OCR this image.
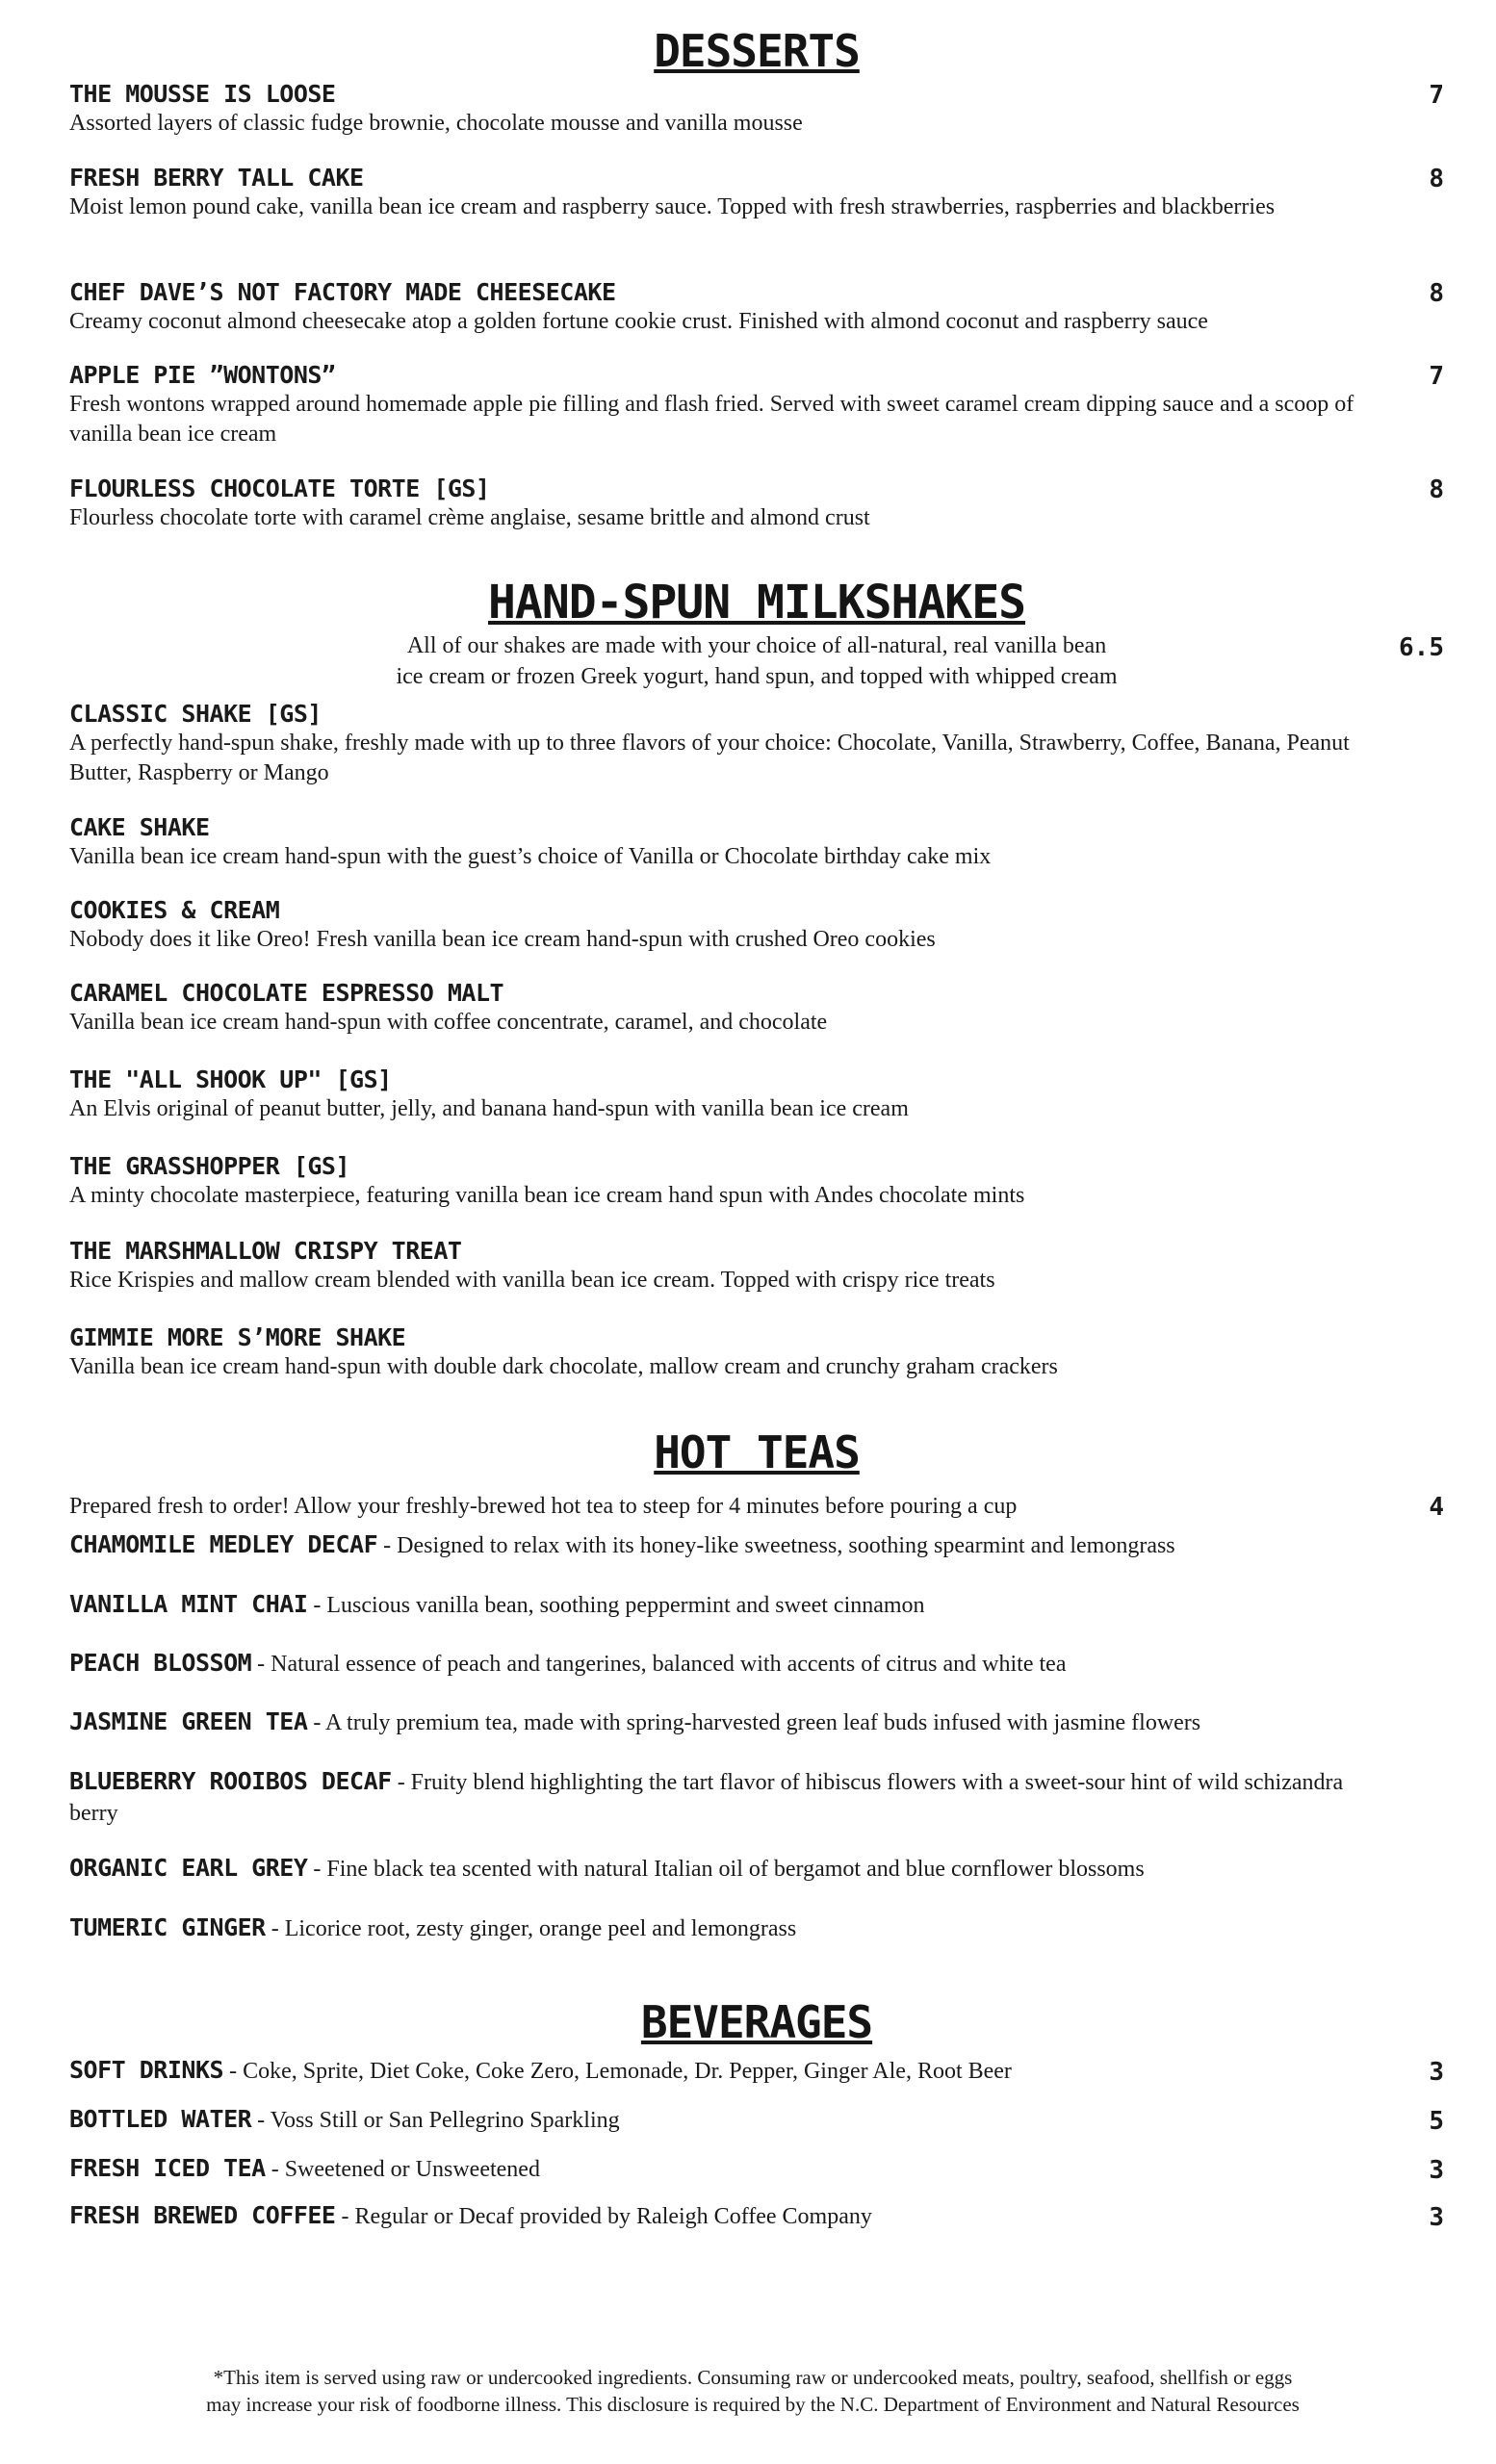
DESSERTS
THE MOUSSE IS LOOSE
Assorted layers of classic fudge brownie, chocolate mousse and vanilla mousse
7
FRESH BERRY TALL CAKE
Moist lemon pound cake, vanilla bean ice cream and raspberry sauce. Topped with fresh strawberries, raspberries and blackberries
8
CHEF DAVE’S NOT FACTORY MADE CHEESECAKE
Creamy coconut almond cheesecake atop a golden fortune cookie crust. Finished with almond coconut and raspberry sauce
8
APPLE PIE ”WONTONS”
Fresh wontons wrapped around homemade apple pie filling and flash fried. Served with sweet caramel cream dipping sauce and a scoop of vanilla bean ice cream
7
FLOURLESS CHOCOLATE TORTE [GS]
Flourless chocolate torte with caramel crème anglaise, sesame brittle and almond crust
8
HAND-SPUN MILKSHAKES
All of our shakes are made with your choice of all-natural, real vanilla bean
ice cream or frozen Greek yogurt, hand spun, and topped with whipped cream
6.5
CLASSIC SHAKE [GS]
A perfectly hand-spun shake, freshly made with up to three flavors of your choice: Chocolate, Vanilla, Strawberry, Coffee, Banana, Peanut Butter, Raspberry or Mango
CAKE SHAKE
Vanilla bean ice cream hand-spun with the guest’s choice of Vanilla or Chocolate birthday cake mix
COOKIES & CREAM
Nobody does it like Oreo! Fresh vanilla bean ice cream hand-spun with crushed Oreo cookies
CARAMEL CHOCOLATE ESPRESSO MALT
Vanilla bean ice cream hand-spun with coffee concentrate, caramel, and chocolate
THE "ALL SHOOK UP" [GS]
An Elvis original of peanut butter, jelly, and banana hand-spun with vanilla bean ice cream
THE GRASSHOPPER [GS]
A minty chocolate masterpiece, featuring vanilla bean ice cream hand spun with Andes chocolate mints
THE MARSHMALLOW CRISPY TREAT
Rice Krispies and mallow cream blended with vanilla bean ice cream. Topped with crispy rice treats
GIMMIE MORE S’MORE SHAKE
Vanilla bean ice cream hand-spun with double dark chocolate, mallow cream and crunchy graham crackers
HOT TEAS
Prepared fresh to order! Allow your freshly-brewed hot tea to steep for 4 minutes before pouring a cup	4
CHAMOMILE MEDLEY DECAF - Designed to relax with its honey-like sweetness, soothing spearmint and lemongrass
VANILLA MINT CHAI - Luscious vanilla bean, soothing peppermint and sweet cinnamon
PEACH BLOSSOM - Natural essence of peach and tangerines, balanced with accents of citrus and white tea
JASMINE GREEN TEA - A truly premium tea, made with spring-harvested green leaf buds infused with jasmine flowers
BLUEBERRY ROOIBOS DECAF - Fruity blend highlighting the tart flavor of hibiscus flowers with a sweet-sour hint of wild schizandra berry
ORGANIC EARL GREY - Fine black tea scented with natural Italian oil of bergamot and blue cornflower blossoms
TUMERIC GINGER - Licorice root, zesty ginger, orange peel and lemongrass
BEVERAGES
SOFT DRINKS - Coke, Sprite, Diet Coke, Coke Zero, Lemonade, Dr. Pepper, Ginger Ale, Root Beer	3
BOTTLED WATER - Voss Still or San Pellegrino Sparkling	5
FRESH ICED TEA - Sweetened or Unsweetened	3
FRESH BREWED COFFEE - Regular or Decaf provided by Raleigh Coffee Company	3
*This item is served using raw or undercooked ingredients. Consuming raw or undercooked meats, poultry, seafood, shellfish or eggs
may increase your risk of foodborne illness. This disclosure is required by the N.C. Department of Environment and Natural Resources
